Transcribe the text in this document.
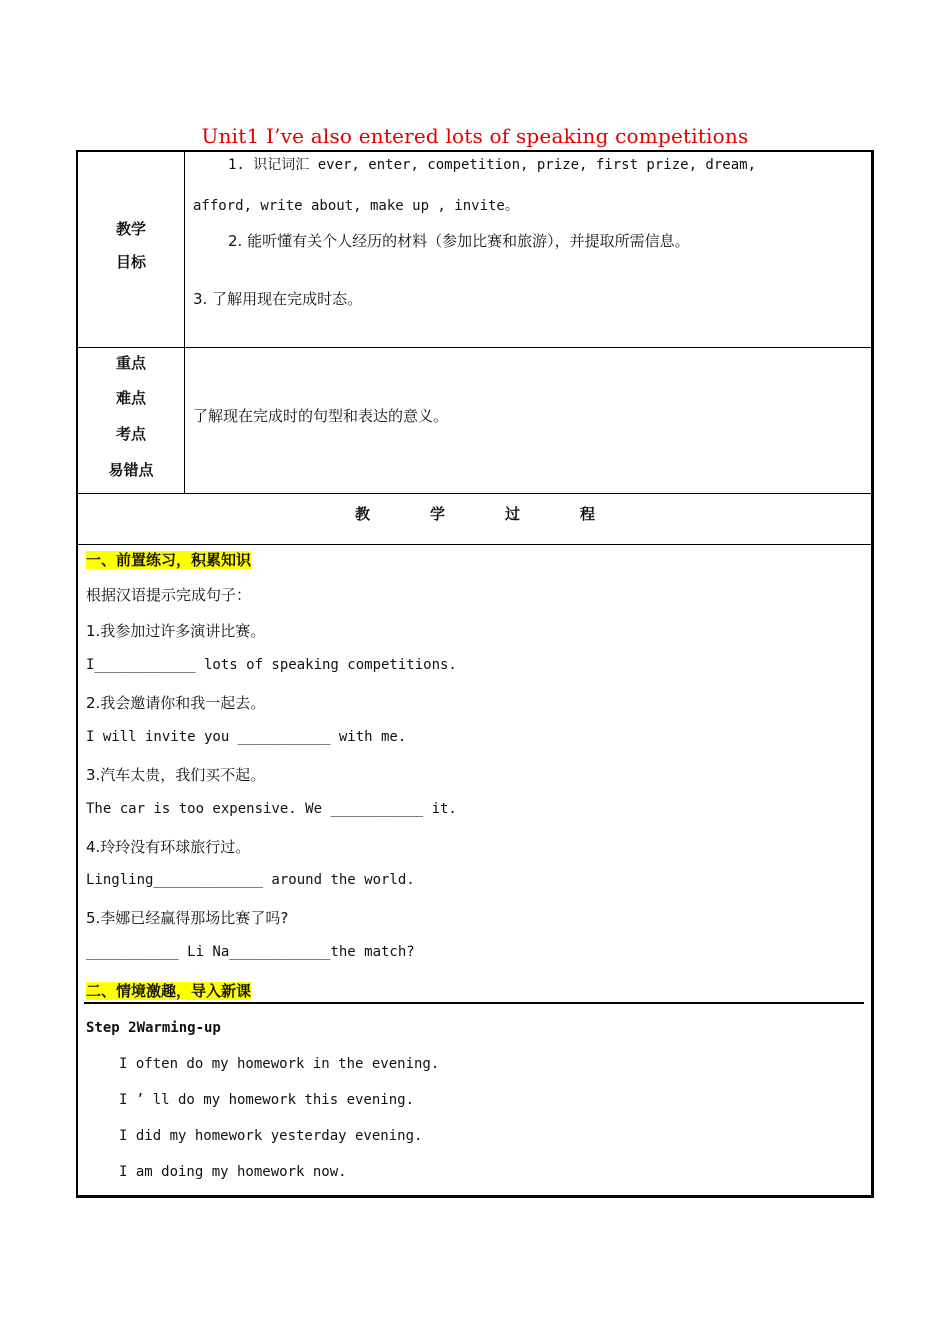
Unit1 I’ve also entered lots of speaking competitions
教学
目标
1. 识记词汇 ever, enter, competition, prize, first prize, dream,
afford, write about, make up , invite。
2. 能听懂有关个人经历的材料（参加比赛和旅游），并提取所需信息。
3. 了解用现在完成时态。
重点
难点
考点
易错点
了解现在完成时的句型和表达的意义。
教	学	过	程
一、前置练习，积累知识
根据汉语提示完成句子：
1.我参加过许多演讲比赛。
I____________ lots of speaking competitions.
2.我会邀请你和我一起去。
I will invite you ___________ with me.
3.汽车太贵，我们买不起。
The car is too expensive. We ___________ it.
4.玲玲没有环球旅行过。
Lingling_____________ around the world.
5.李娜已经赢得那场比赛了吗?
___________ Li Na____________the match?
二、情境激趣，导入新课
Step 2Warming-up
I often do my homework in the evening.
I ’ ll do my homework this evening.
I did my homework yesterday evening.
I am doing my homework now.
